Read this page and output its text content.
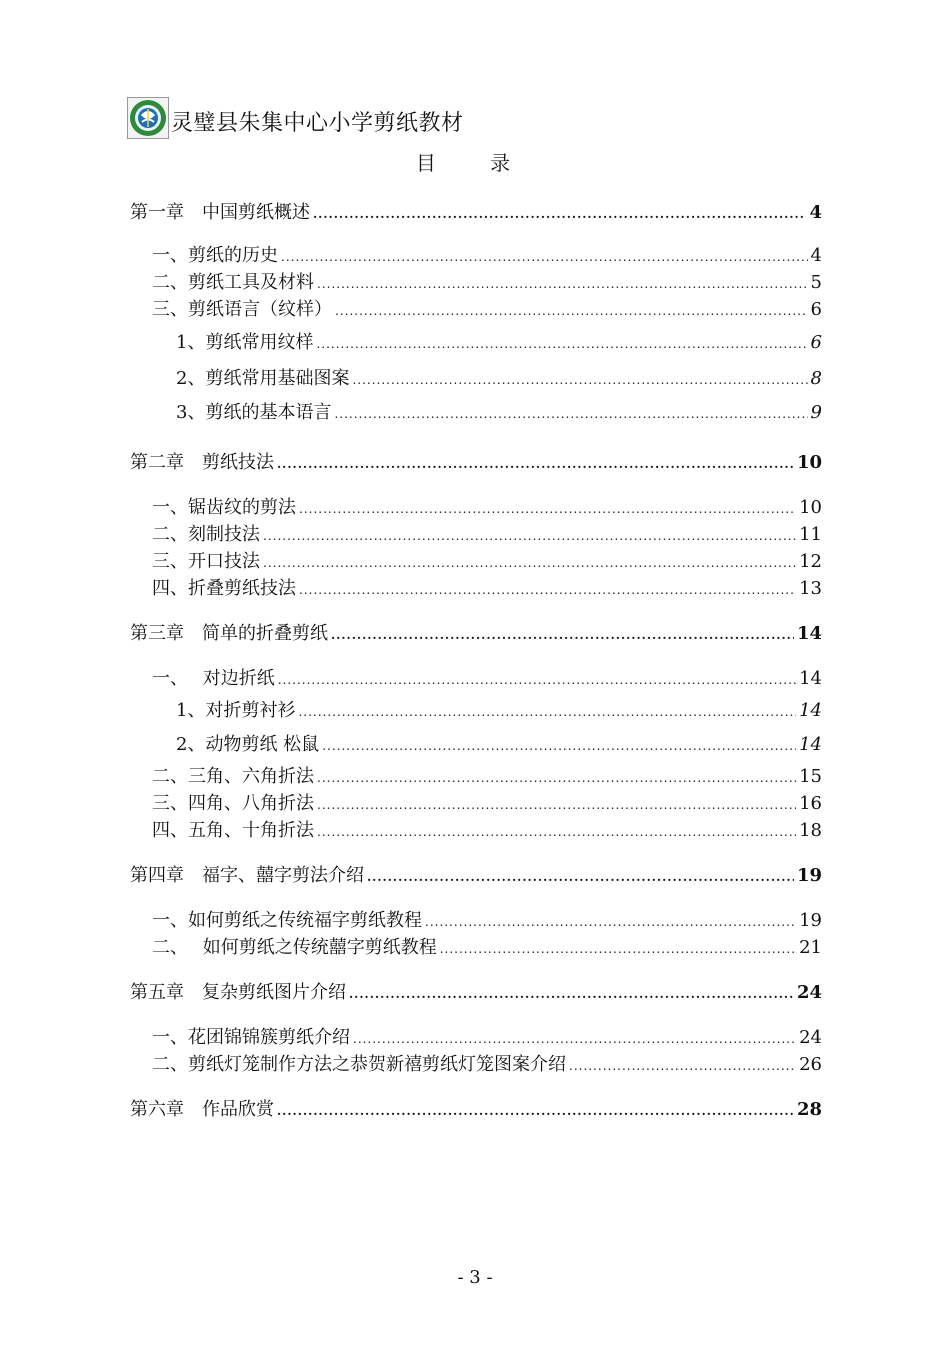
灵璧县朱集中心小学剪纸教材
目 录
第一章　中国剪纸概述 .....	4
一、剪纸的历史 .....	4
二、剪纸工具及材料 .....	5
三、剪纸语言（纹样） .....	6
1、剪纸常用纹样 .....	6
2、剪纸常用基础图案 .....	8
3、剪纸的基本语言 .....	9
第二章　剪纸技法 .....	10
一、锯齿纹的剪法 .....	10
二、刻制技法 .....	11
三、开口技法 .....	12
四、折叠剪纸技法 .....	13
第三章　简单的折叠剪纸 .....	14
一、　 对边折纸 .....	14
1、对折剪衬衫 .....	14
2、动物剪纸 松鼠 .....	14
二、三角、六角折法 .....	15
三、四角、八角折法 .....	16
四、五角、十角折法 .....	18
第四章　福字、囍字剪法介绍 .....	19
一、如何剪纸之传统福字剪纸教程 .....	19
二、　 如何剪纸之传统囍字剪纸教程 .....	21
第五章　复杂剪纸图片介绍 .....	24
一、花团锦锦簇剪纸介绍 .....	24
二、剪纸灯笼制作方法之恭贺新禧剪纸灯笼图案介绍 .....	26
第六章　作品欣赏 .....	28
- 3 -
